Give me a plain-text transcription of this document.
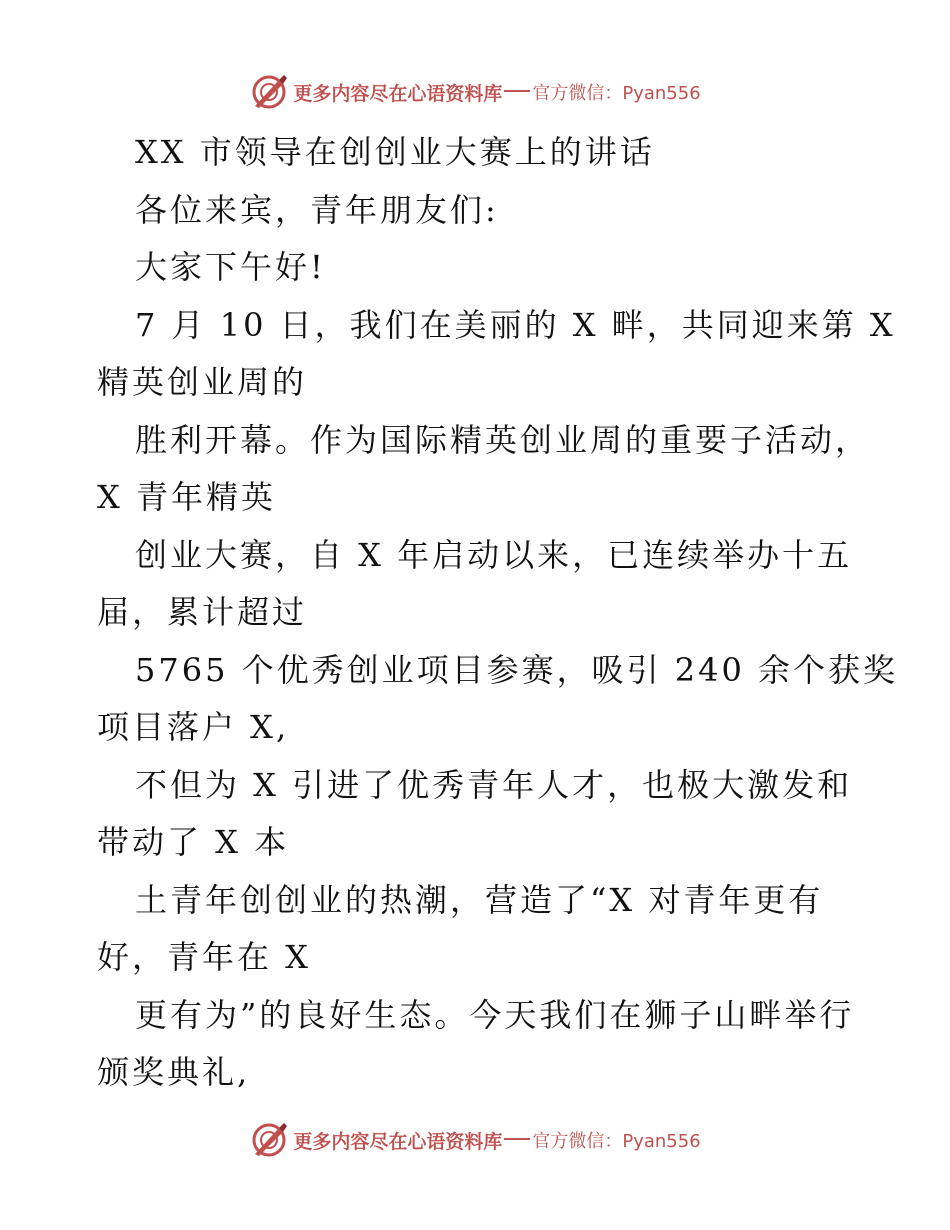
更多内容尽在心语资料库 官方微信：Pyan556
XX 市领导在创创业大赛上的讲话
各位来宾，青年朋友们:
大家下午好!
7 月 10 日，我们在美丽的 X 畔，共同迎来第 X
精英创业周的
胜利开幕。作为国际精英创业周的重要子活动，
X 青年精英
创业大赛，自 X 年启动以来，已连续举办十五
届，累计超过
5765 个优秀创业项目参赛，吸引 240 余个获奖
项目落户 X,
不但为 X 引进了优秀青年人才，也极大激发和
带动了 X 本
土青年创创业的热潮，营造了“X 对青年更有
好，青年在 X
更有为”的良好生态。今天我们在狮子山畔举行
颁奖典礼,
更多内容尽在心语资料库 官方微信：Pyan556
